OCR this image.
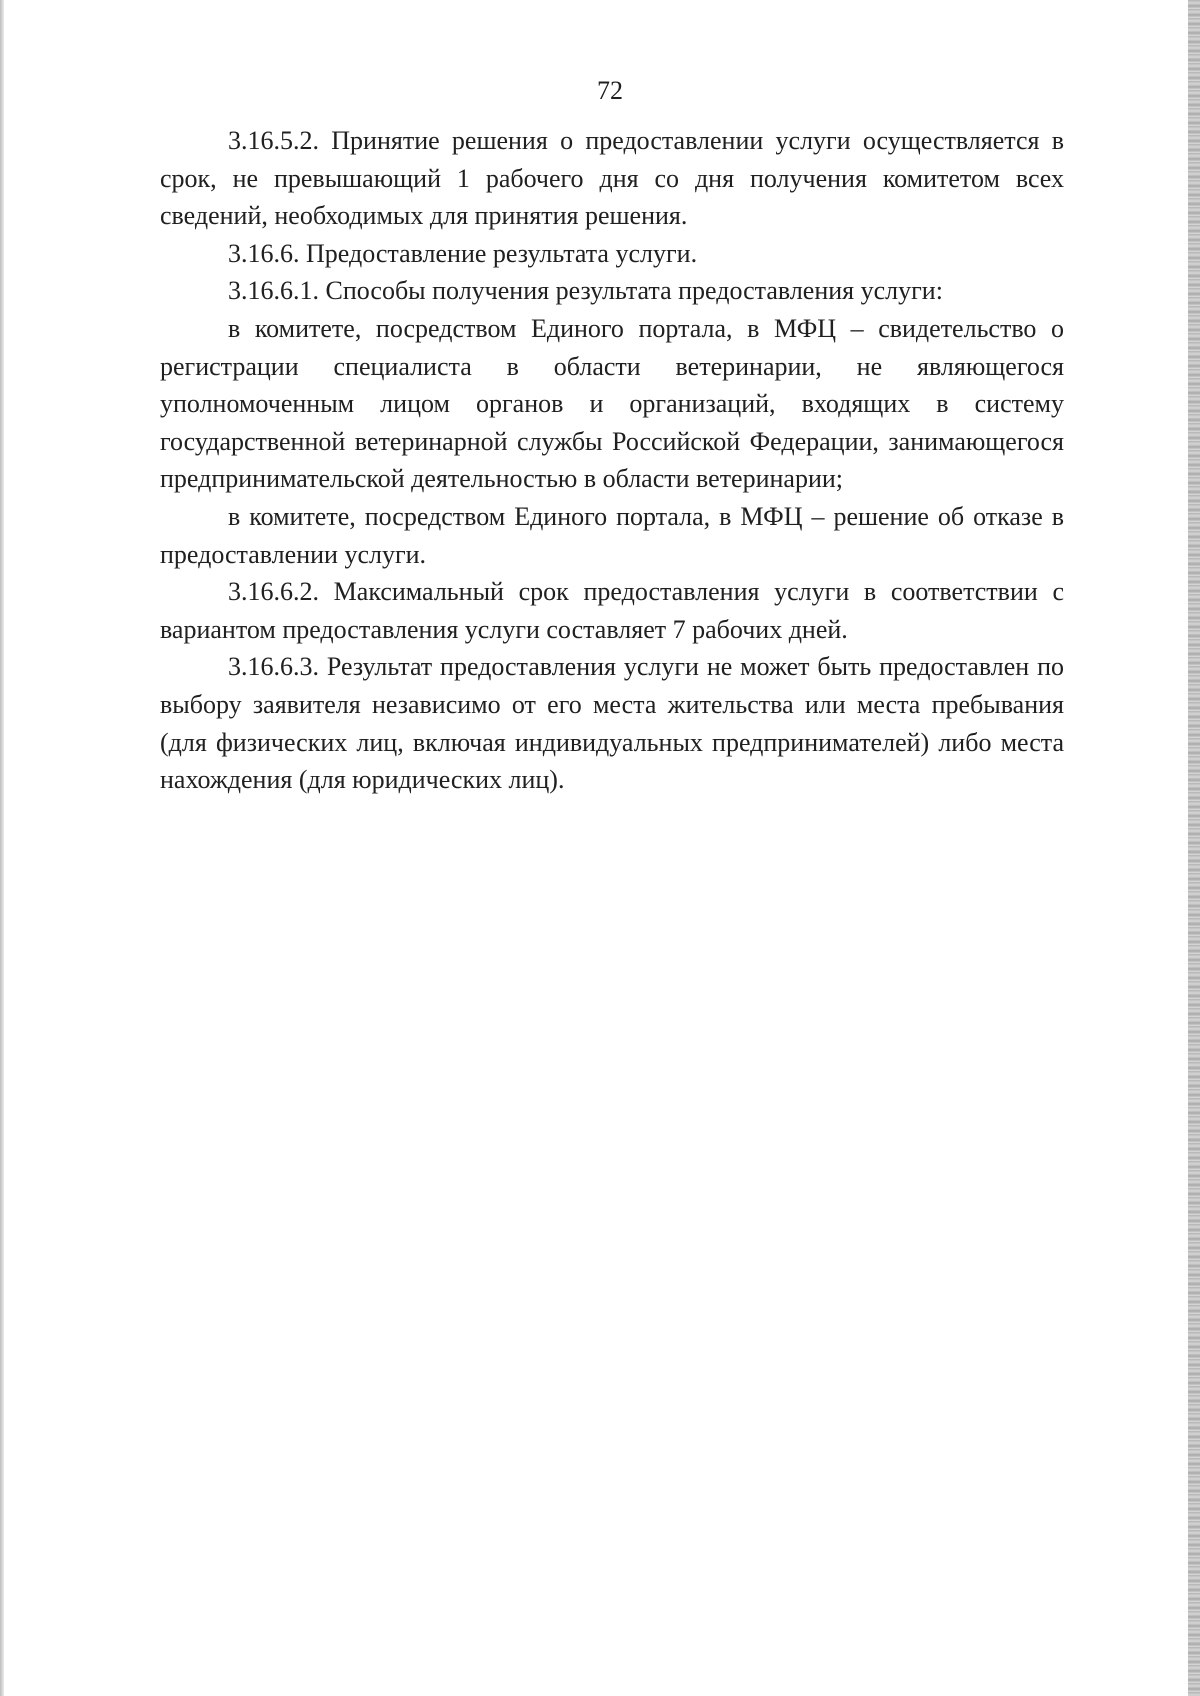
72

3.16.5.2. Принятие решения о предоставлении услуги осуществляется в срок, не превышающий 1 рабочего дня со дня получения комитетом всех сведений, необходимых для принятия решения.

3.16.6. Предоставление результата услуги.

3.16.6.1. Способы получения результата предоставления услуги:

в комитете, посредством Единого портала, в МФЦ – свидетельство о регистрации специалиста в области ветеринарии, не являющегося уполномоченным лицом органов и организаций, входящих в систему государственной ветеринарной службы Российской Федерации, занимающегося предпринимательской деятельностью в области ветеринарии;

в комитете, посредством Единого портала, в МФЦ – решение об отказе в предоставлении услуги.

3.16.6.2. Максимальный срок предоставления услуги в соответствии с вариантом предоставления услуги составляет 7 рабочих дней.

3.16.6.3. Результат предоставления услуги не может быть предоставлен по выбору заявителя независимо от его места жительства или места пребывания (для физических лиц, включая индивидуальных предпринимателей) либо места нахождения (для юридических лиц).
